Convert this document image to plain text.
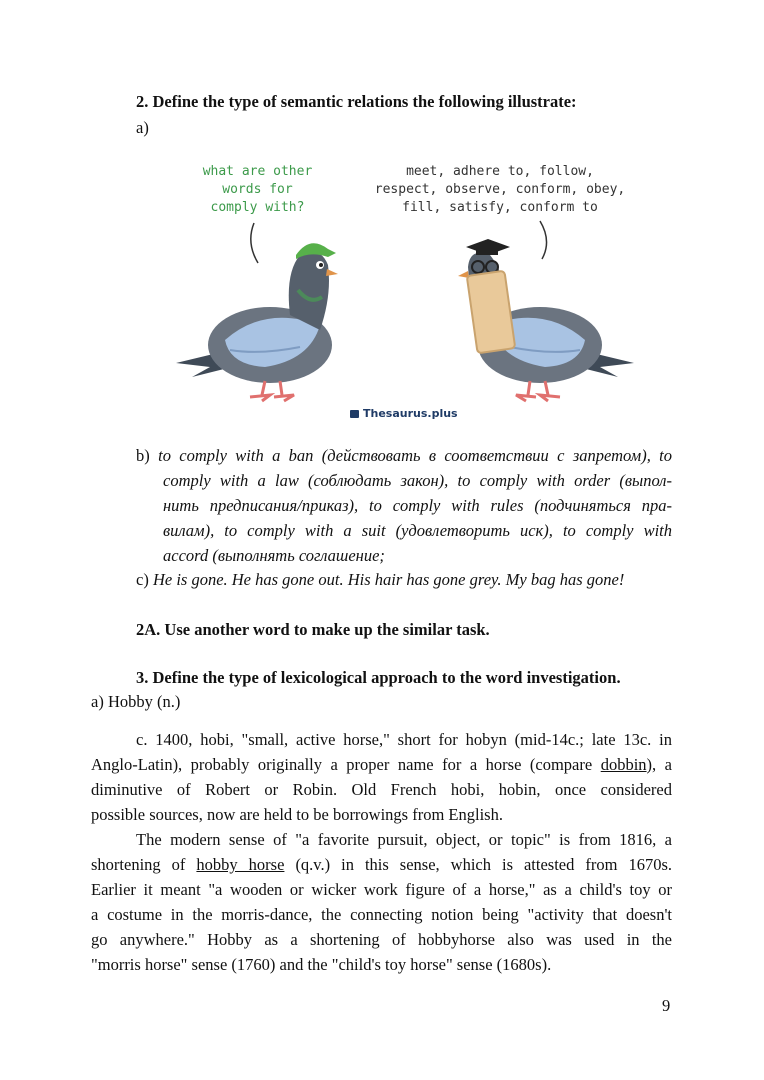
2. Define the type of semantic relations the following illustrate:
a)
what are other
words for
comply with?
meet, adhere to, follow,
respect, observe, conform, obey,
fill, satisfy, conform to
Thesaurus.plus
b) to comply with a ban (действовать в соответствии с запретом), to
comply with a law (соблюдать закон), to comply with order (выпол-
нить предписания/приказ), to comply with rules (подчиняться пра-
вилам), to comply with a suit (удовлетворить иск), to comply with
accord (выполнять соглашение;
c) He is gone. He has gone out. His hair has gone grey. My bag has gone!
2A. Use another word to make up the similar task.
3. Define the type of lexicological approach to the word investigation.
a) Hobby (n.)
c. 1400, hobi, "small, active horse," short for hobyn (mid-14c.; late 13c. in
Anglo-Latin), probably originally a proper name for a horse (compare dobbin), a
diminutive of Robert or Robin. Old French hobi, hobin, once considered
possible sources, now are held to be borrowings from English.
The modern sense of "a favorite pursuit, object, or topic" is from 1816, a
shortening of hobby horse (q.v.) in this sense, which is attested from 1670s.
Earlier it meant "a wooden or wicker work figure of a horse," as a child's toy or
a costume in the morris-dance, the connecting notion being "activity that doesn't
go anywhere." Hobby as a shortening of hobbyhorse also was used in the
"morris horse" sense (1760) and the "child's toy horse" sense (1680s).
9
